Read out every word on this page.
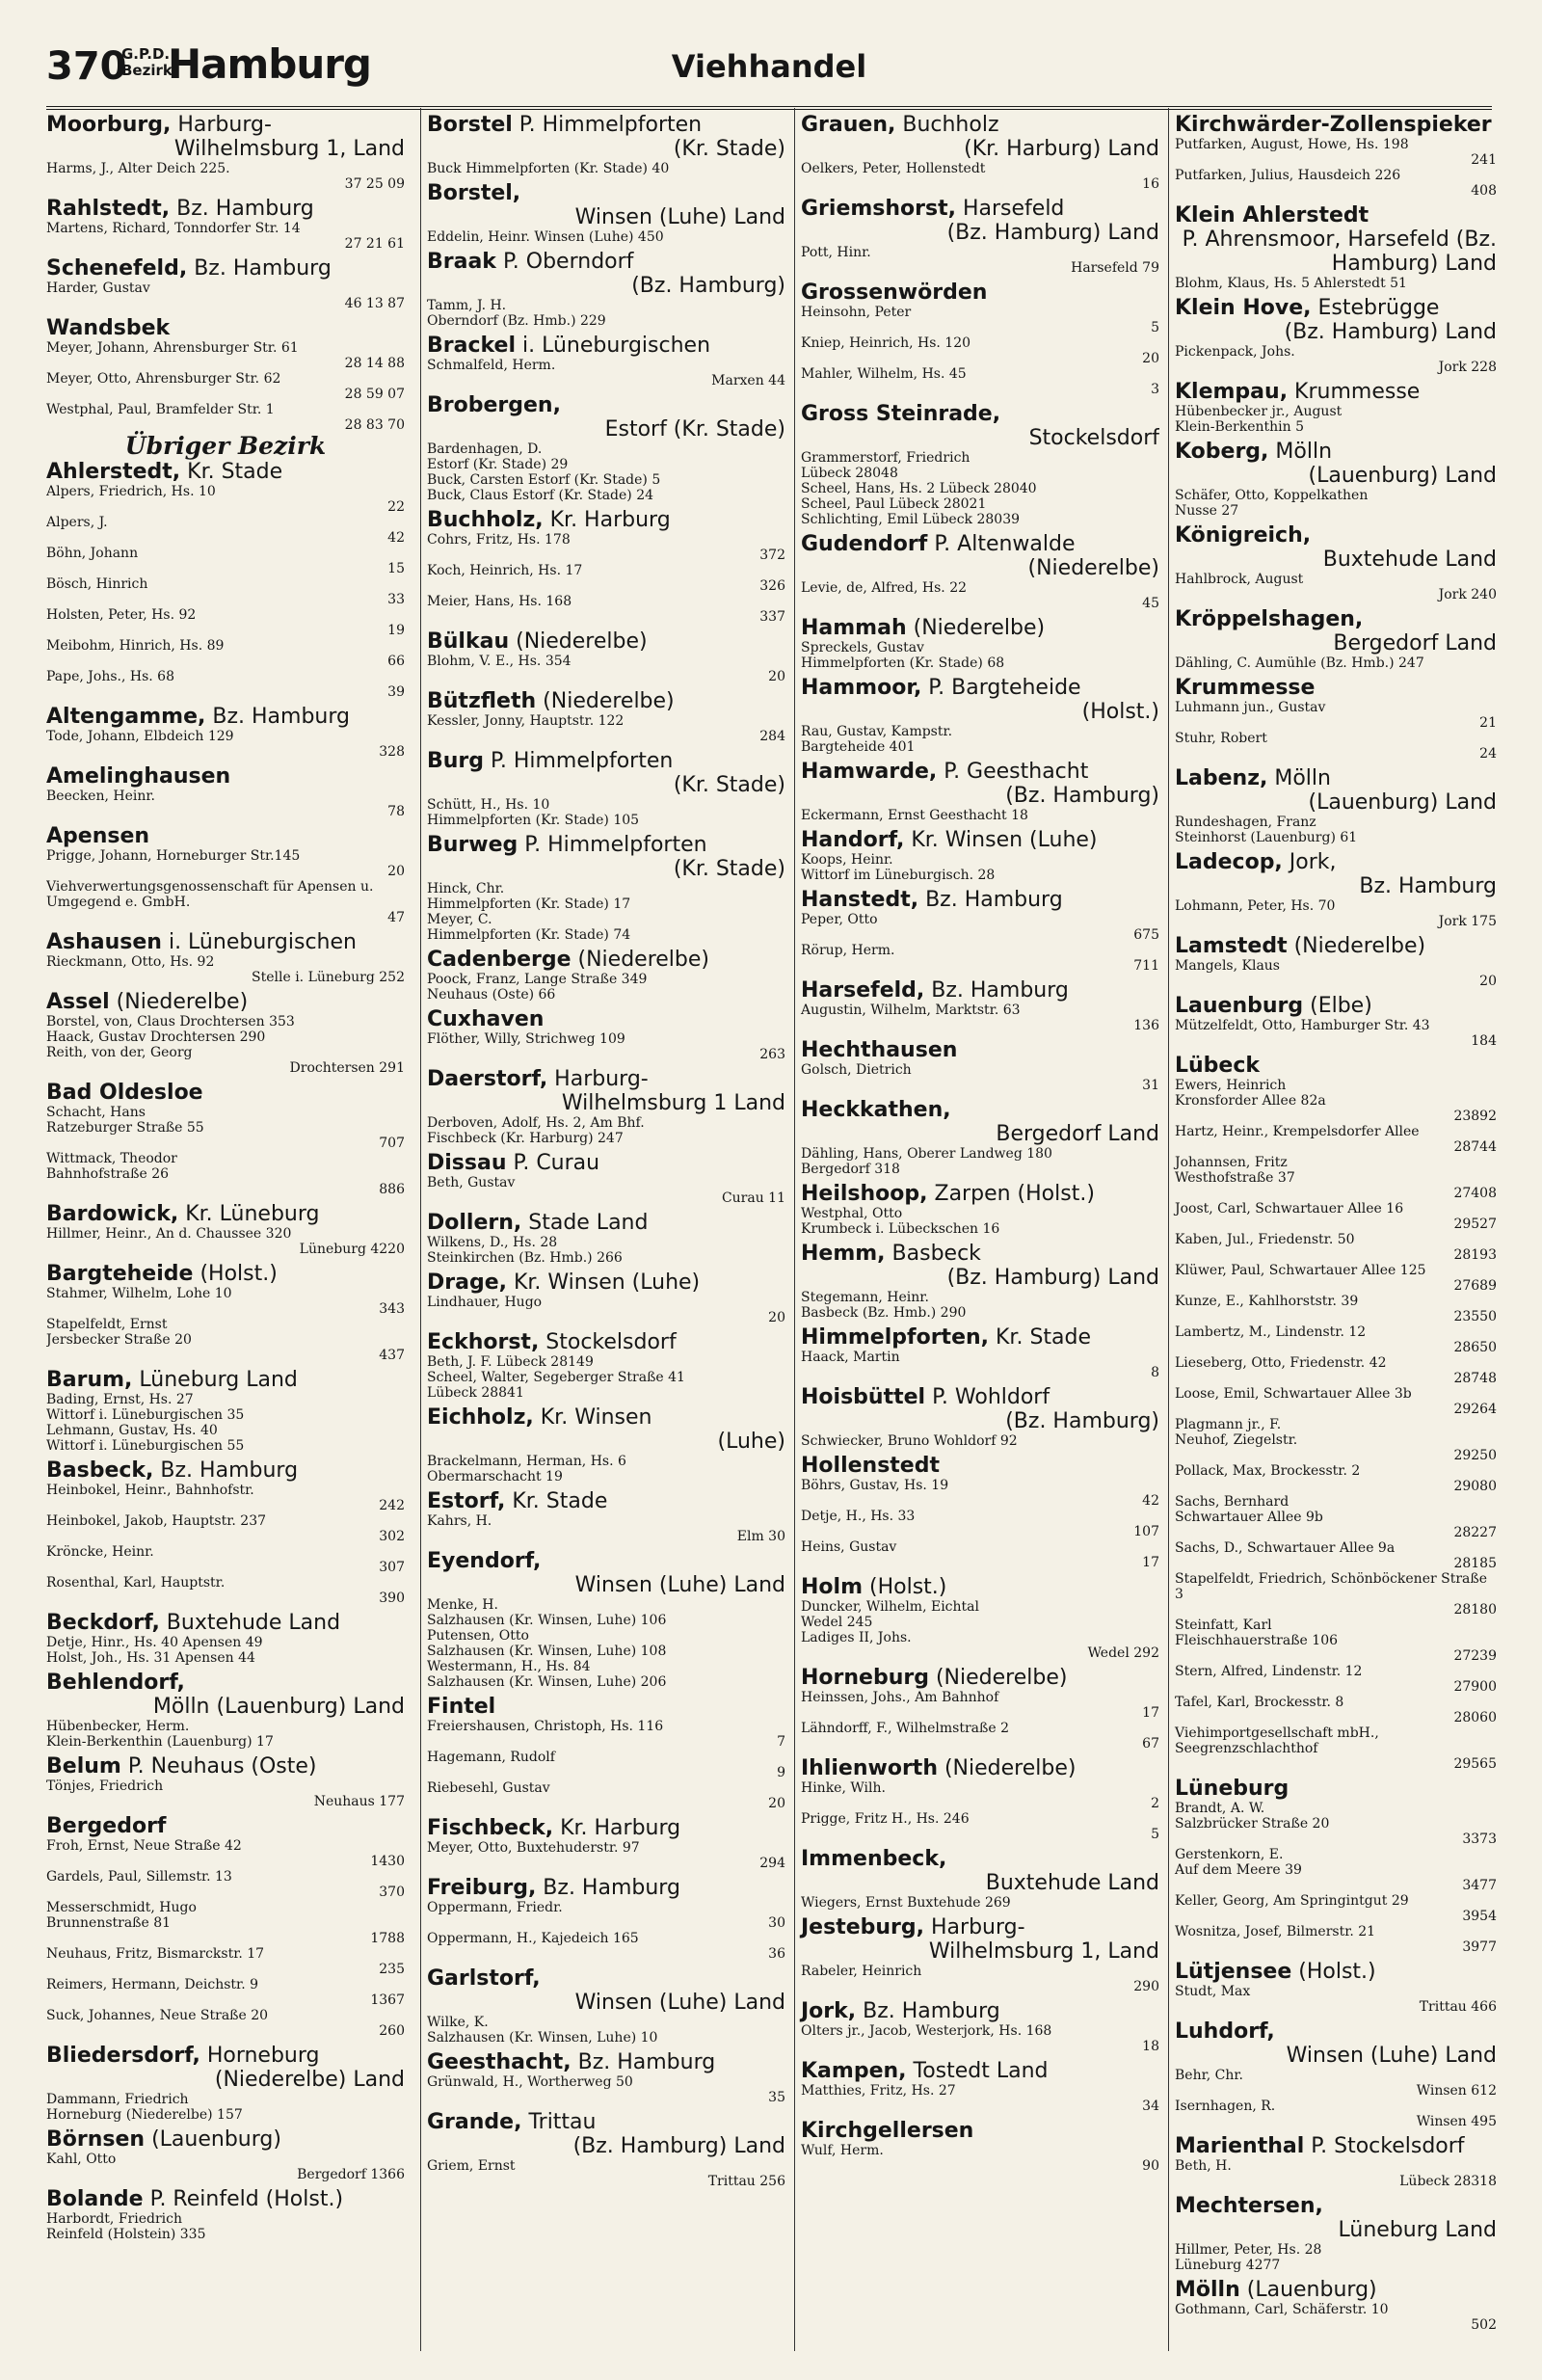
370
G.P.D.
Bezirk
Hamburg	Viehhandel
Moorburg, Harburg-
Wilhelmsburg 1, Land
Harms, J., Alter Deich 225.
37 25 09
Rahlstedt, Bz. Hamburg
Martens, Richard, Tonndorfer Str. 14
27 21 61
Schenefeld, Bz. Hamburg
Harder, Gustav
46 13 87
Wandsbek
Meyer, Johann, Ahrensburger Str. 61
28 14 88
Meyer, Otto, Ahrensburger Str. 62
28 59 07
Westphal, Paul, Bramfelder Str. 1
28 83 70
Übriger Bezirk
Ahlerstedt, Kr. Stade
Alpers, Friedrich, Hs. 10
22
Alpers, J.
42
Böhn, Johann
15
Bösch, Hinrich
33
Holsten, Peter, Hs. 92
19
Meibohm, Hinrich, Hs. 89
66
Pape, Johs., Hs. 68
39
Altengamme, Bz. Hamburg
Tode, Johann, Elbdeich 129
328
Amelinghausen
Beecken, Heinr.
78
Apensen
Prigge, Johann, Horneburger Str.145
20
Viehverwertungsgenossenschaft für Apensen u. Umgegend e. GmbH.
47
Ashausen i. Lüneburgischen
Rieckmann, Otto, Hs. 92
Stelle i. Lüneburg 252
Assel (Niederelbe)
Borstel, von, Claus Drochtersen 353
Haack, Gustav Drochtersen 290
Reith, von der, Georg
Drochtersen 291
Bad Oldesloe
Schacht, Hans
Ratzeburger Straße 55
707
Wittmack, Theodor
Bahnhofstraße 26
886
Bardowick, Kr. Lüneburg
Hillmer, Heinr., An d. Chaussee 320
Lüneburg 4220
Bargteheide (Holst.)
Stahmer, Wilhelm, Lohe 10
343
Stapelfeldt, Ernst
Jersbecker Straße 20
437
Barum, Lüneburg Land
Bading, Ernst, Hs. 27
Wittorf i. Lüneburgischen 35
Lehmann, Gustav, Hs. 40
Wittorf i. Lüneburgischen 55
Basbeck, Bz. Hamburg
Heinbokel, Heinr., Bahnhofstr.
242
Heinbokel, Jakob, Hauptstr. 237
302
Kröncke, Heinr.
307
Rosenthal, Karl, Hauptstr.
390
Beckdorf, Buxtehude Land
Detje, Hinr., Hs. 40 Apensen 49
Holst, Joh., Hs. 31 Apensen 44
Behlendorf,
Mölln (Lauenburg) Land
Hübenbecker, Herm.
Klein-Berkenthin (Lauenburg) 17
Belum P. Neuhaus (Oste)
Tönjes, Friedrich
Neuhaus 177
Bergedorf
Froh, Ernst, Neue Straße 42
1430
Gardels, Paul, Sillemstr. 13
370
Messerschmidt, Hugo
Brunnenstraße 81
1788
Neuhaus, Fritz, Bismarckstr. 17
235
Reimers, Hermann, Deichstr. 9
1367
Suck, Johannes, Neue Straße 20
260
Bliedersdorf, Horneburg
(Niederelbe) Land
Dammann, Friedrich
Horneburg (Niederelbe) 157
Börnsen (Lauenburg)
Kahl, Otto
Bergedorf 1366
Bolande P. Reinfeld (Holst.)
Harbordt, Friedrich
Reinfeld (Holstein) 335
Borstel P. Himmelpforten
(Kr. Stade)
Buck Himmelpforten (Kr. Stade) 40
Borstel,
Winsen (Luhe) Land
Eddelin, Heinr. Winsen (Luhe) 450
Braak P. Oberndorf
(Bz. Hamburg)
Tamm, J. H.
Oberndorf (Bz. Hmb.) 229
Brackel i. Lüneburgischen
Schmalfeld, Herm.
Marxen 44
Brobergen,
Estorf (Kr. Stade)
Bardenhagen, D.
Estorf (Kr. Stade) 29
Buck, Carsten Estorf (Kr. Stade) 5
Buck, Claus Estorf (Kr. Stade) 24
Buchholz, Kr. Harburg
Cohrs, Fritz, Hs. 178
372
Koch, Heinrich, Hs. 17
326
Meier, Hans, Hs. 168
337
Bülkau (Niederelbe)
Blohm, V. E., Hs. 354
20
Bützfleth (Niederelbe)
Kessler, Jonny, Hauptstr. 122
284
Burg P. Himmelpforten
(Kr. Stade)
Schütt, H., Hs. 10
Himmelpforten (Kr. Stade) 105
Burweg P. Himmelpforten
(Kr. Stade)
Hinck, Chr.
Himmelpforten (Kr. Stade) 17
Meyer, C.
Himmelpforten (Kr. Stade) 74
Cadenberge (Niederelbe)
Poock, Franz, Lange Straße 349
Neuhaus (Oste) 66
Cuxhaven
Flöther, Willy, Strichweg 109
263
Daerstorf, Harburg-
Wilhelmsburg 1 Land
Derboven, Adolf, Hs. 2, Am Bhf.
Fischbeck (Kr. Harburg) 247
Dissau P. Curau
Beth, Gustav
Curau 11
Dollern, Stade Land
Wilkens, D., Hs. 28
Steinkirchen (Bz. Hmb.) 266
Drage, Kr. Winsen (Luhe)
Lindhauer, Hugo
20
Eckhorst, Stockelsdorf
Beth, J. F. Lübeck 28149
Scheel, Walter, Segeberger Straße 41
Lübeck 28841
Eichholz, Kr. Winsen
(Luhe)
Brackelmann, Herman, Hs. 6
Obermarschacht 19
Estorf, Kr. Stade
Kahrs, H.
Elm 30
Eyendorf,
Winsen (Luhe) Land
Menke, H.
Salzhausen (Kr. Winsen, Luhe) 106
Putensen, Otto
Salzhausen (Kr. Winsen, Luhe) 108
Westermann, H., Hs. 84
Salzhausen (Kr. Winsen, Luhe) 206
Fintel
Freiershausen, Christoph, Hs. 116
7
Hagemann, Rudolf
9
Riebesehl, Gustav
20
Fischbeck, Kr. Harburg
Meyer, Otto, Buxtehuderstr. 97
294
Freiburg, Bz. Hamburg
Oppermann, Friedr.
30
Oppermann, H., Kajedeich 165
36
Garlstorf,
Winsen (Luhe) Land
Wilke, K.
Salzhausen (Kr. Winsen, Luhe) 10
Geesthacht, Bz. Hamburg
Grünwald, H., Wortherweg 50
35
Grande, Trittau
(Bz. Hamburg) Land
Griem, Ernst
Trittau 256
Grauen, Buchholz
(Kr. Harburg) Land
Oelkers, Peter, Hollenstedt
16
Griemshorst, Harsefeld
(Bz. Hamburg) Land
Pott, Hinr.
Harsefeld 79
Grossenwörden
Heinsohn, Peter
5
Kniep, Heinrich, Hs. 120
20
Mahler, Wilhelm, Hs. 45
3
Gross Steinrade,
Stockelsdorf
Grammerstorf, Friedrich
Lübeck 28048
Scheel, Hans, Hs. 2 Lübeck 28040
Scheel, Paul Lübeck 28021
Schlichting, Emil Lübeck 28039
Gudendorf P. Altenwalde
(Niederelbe)
Levie, de, Alfred, Hs. 22
45
Hammah (Niederelbe)
Spreckels, Gustav
Himmelpforten (Kr. Stade) 68
Hammoor, P. Bargteheide
(Holst.)
Rau, Gustav, Kampstr.
Bargteheide 401
Hamwarde, P. Geesthacht
(Bz. Hamburg)
Eckermann, Ernst Geesthacht 18
Handorf, Kr. Winsen (Luhe)
Koops, Heinr.
Wittorf im Lüneburgisch. 28
Hanstedt, Bz. Hamburg
Peper, Otto
675
Rörup, Herm.
711
Harsefeld, Bz. Hamburg
Augustin, Wilhelm, Marktstr. 63
136
Hechthausen
Golsch, Dietrich
31
Heckkathen,
Bergedorf Land
Dähling, Hans, Oberer Landweg 180
Bergedorf 318
Heilshoop, Zarpen (Holst.)
Westphal, Otto
Krumbeck i. Lübeckschen 16
Hemm, Basbeck
(Bz. Hamburg) Land
Stegemann, Heinr.
Basbeck (Bz. Hmb.) 290
Himmelpforten, Kr. Stade
Haack, Martin
8
Hoisbüttel P. Wohldorf
(Bz. Hamburg)
Schwiecker, Bruno Wohldorf 92
Hollenstedt
Böhrs, Gustav, Hs. 19
42
Detje, H., Hs. 33
107
Heins, Gustav
17
Holm (Holst.)
Duncker, Wilhelm, Eichtal
Wedel 245
Ladiges II, Johs.
Wedel 292
Horneburg (Niederelbe)
Heinssen, Johs., Am Bahnhof
17
Lähndorff, F., Wilhelmstraße 2
67
Ihlienworth (Niederelbe)
Hinke, Wilh.
2
Prigge, Fritz H., Hs. 246
5
Immenbeck,
Buxtehude Land
Wiegers, Ernst Buxtehude 269
Jesteburg, Harburg-
Wilhelmsburg 1, Land
Rabeler, Heinrich
290
Jork, Bz. Hamburg
Olters jr., Jacob, Westerjork, Hs. 168
18
Kampen, Tostedt Land
Matthies, Fritz, Hs. 27
34
Kirchgellersen
Wulf, Herm.
90
Kirchwärder-Zollenspieker
Putfarken, August, Howe, Hs. 198
241
Putfarken, Julius, Hausdeich 226
408
Klein Ahlerstedt
P. Ahrensmoor, Harsefeld (Bz. Hamburg) Land
Blohm, Klaus, Hs. 5 Ahlerstedt 51
Klein Hove, Estebrügge
(Bz. Hamburg) Land
Pickenpack, Johs.
Jork 228
Klempau, Krummesse
Hübenbecker jr., August
Klein-Berkenthin 5
Koberg, Mölln
(Lauenburg) Land
Schäfer, Otto, Koppelkathen
Nusse 27
Königreich,
Buxtehude Land
Hahlbrock, August
Jork 240
Kröppelshagen,
Bergedorf Land
Dähling, C. Aumühle (Bz. Hmb.) 247
Krummesse
Luhmann jun., Gustav
21
Stuhr, Robert
24
Labenz, Mölln
(Lauenburg) Land
Rundeshagen, Franz
Steinhorst (Lauenburg) 61
Ladecop, Jork,
Bz. Hamburg
Lohmann, Peter, Hs. 70
Jork 175
Lamstedt (Niederelbe)
Mangels, Klaus
20
Lauenburg (Elbe)
Mützelfeldt, Otto, Hamburger Str. 43
184
Lübeck
Ewers, Heinrich
Kronsforder Allee 82a
23892
Hartz, Heinr., Krempelsdorfer Allee
28744
Johannsen, Fritz
Westhofstraße 37
27408
Joost, Carl, Schwartauer Allee 16
29527
Kaben, Jul., Friedenstr. 50
28193
Klüwer, Paul, Schwartauer Allee 125
27689
Kunze, E., Kahlhorststr. 39
23550
Lambertz, M., Lindenstr. 12
28650
Lieseberg, Otto, Friedenstr. 42
28748
Loose, Emil, Schwartauer Allee 3b
29264
Plagmann jr., F.
Neuhof, Ziegelstr.
29250
Pollack, Max, Brockesstr. 2
29080
Sachs, Bernhard
Schwartauer Allee 9b
28227
Sachs, D., Schwartauer Allee 9a
28185
Stapelfeldt, Friedrich, Schönböckener Straße 3
28180
Steinfatt, Karl
Fleischhauerstraße 106
27239
Stern, Alfred, Lindenstr. 12
27900
Tafel, Karl, Brockesstr. 8
28060
Viehimportgesellschaft mbH., Seegrenzschlachthof
29565
Lüneburg
Brandt, A. W.
Salzbrücker Straße 20
3373
Gerstenkorn, E.
Auf dem Meere 39
3477
Keller, Georg, Am Springintgut 29
3954
Wosnitza, Josef, Bilmerstr. 21
3977
Lütjensee (Holst.)
Studt, Max
Trittau 466
Luhdorf,
Winsen (Luhe) Land
Behr, Chr.
Winsen 612
Isernhagen, R.
Winsen 495
Marienthal P. Stockelsdorf
Beth, H.
Lübeck 28318
Mechtersen,
Lüneburg Land
Hillmer, Peter, Hs. 28
Lüneburg 4277
Mölln (Lauenburg)
Gothmann, Carl, Schäferstr. 10
502
